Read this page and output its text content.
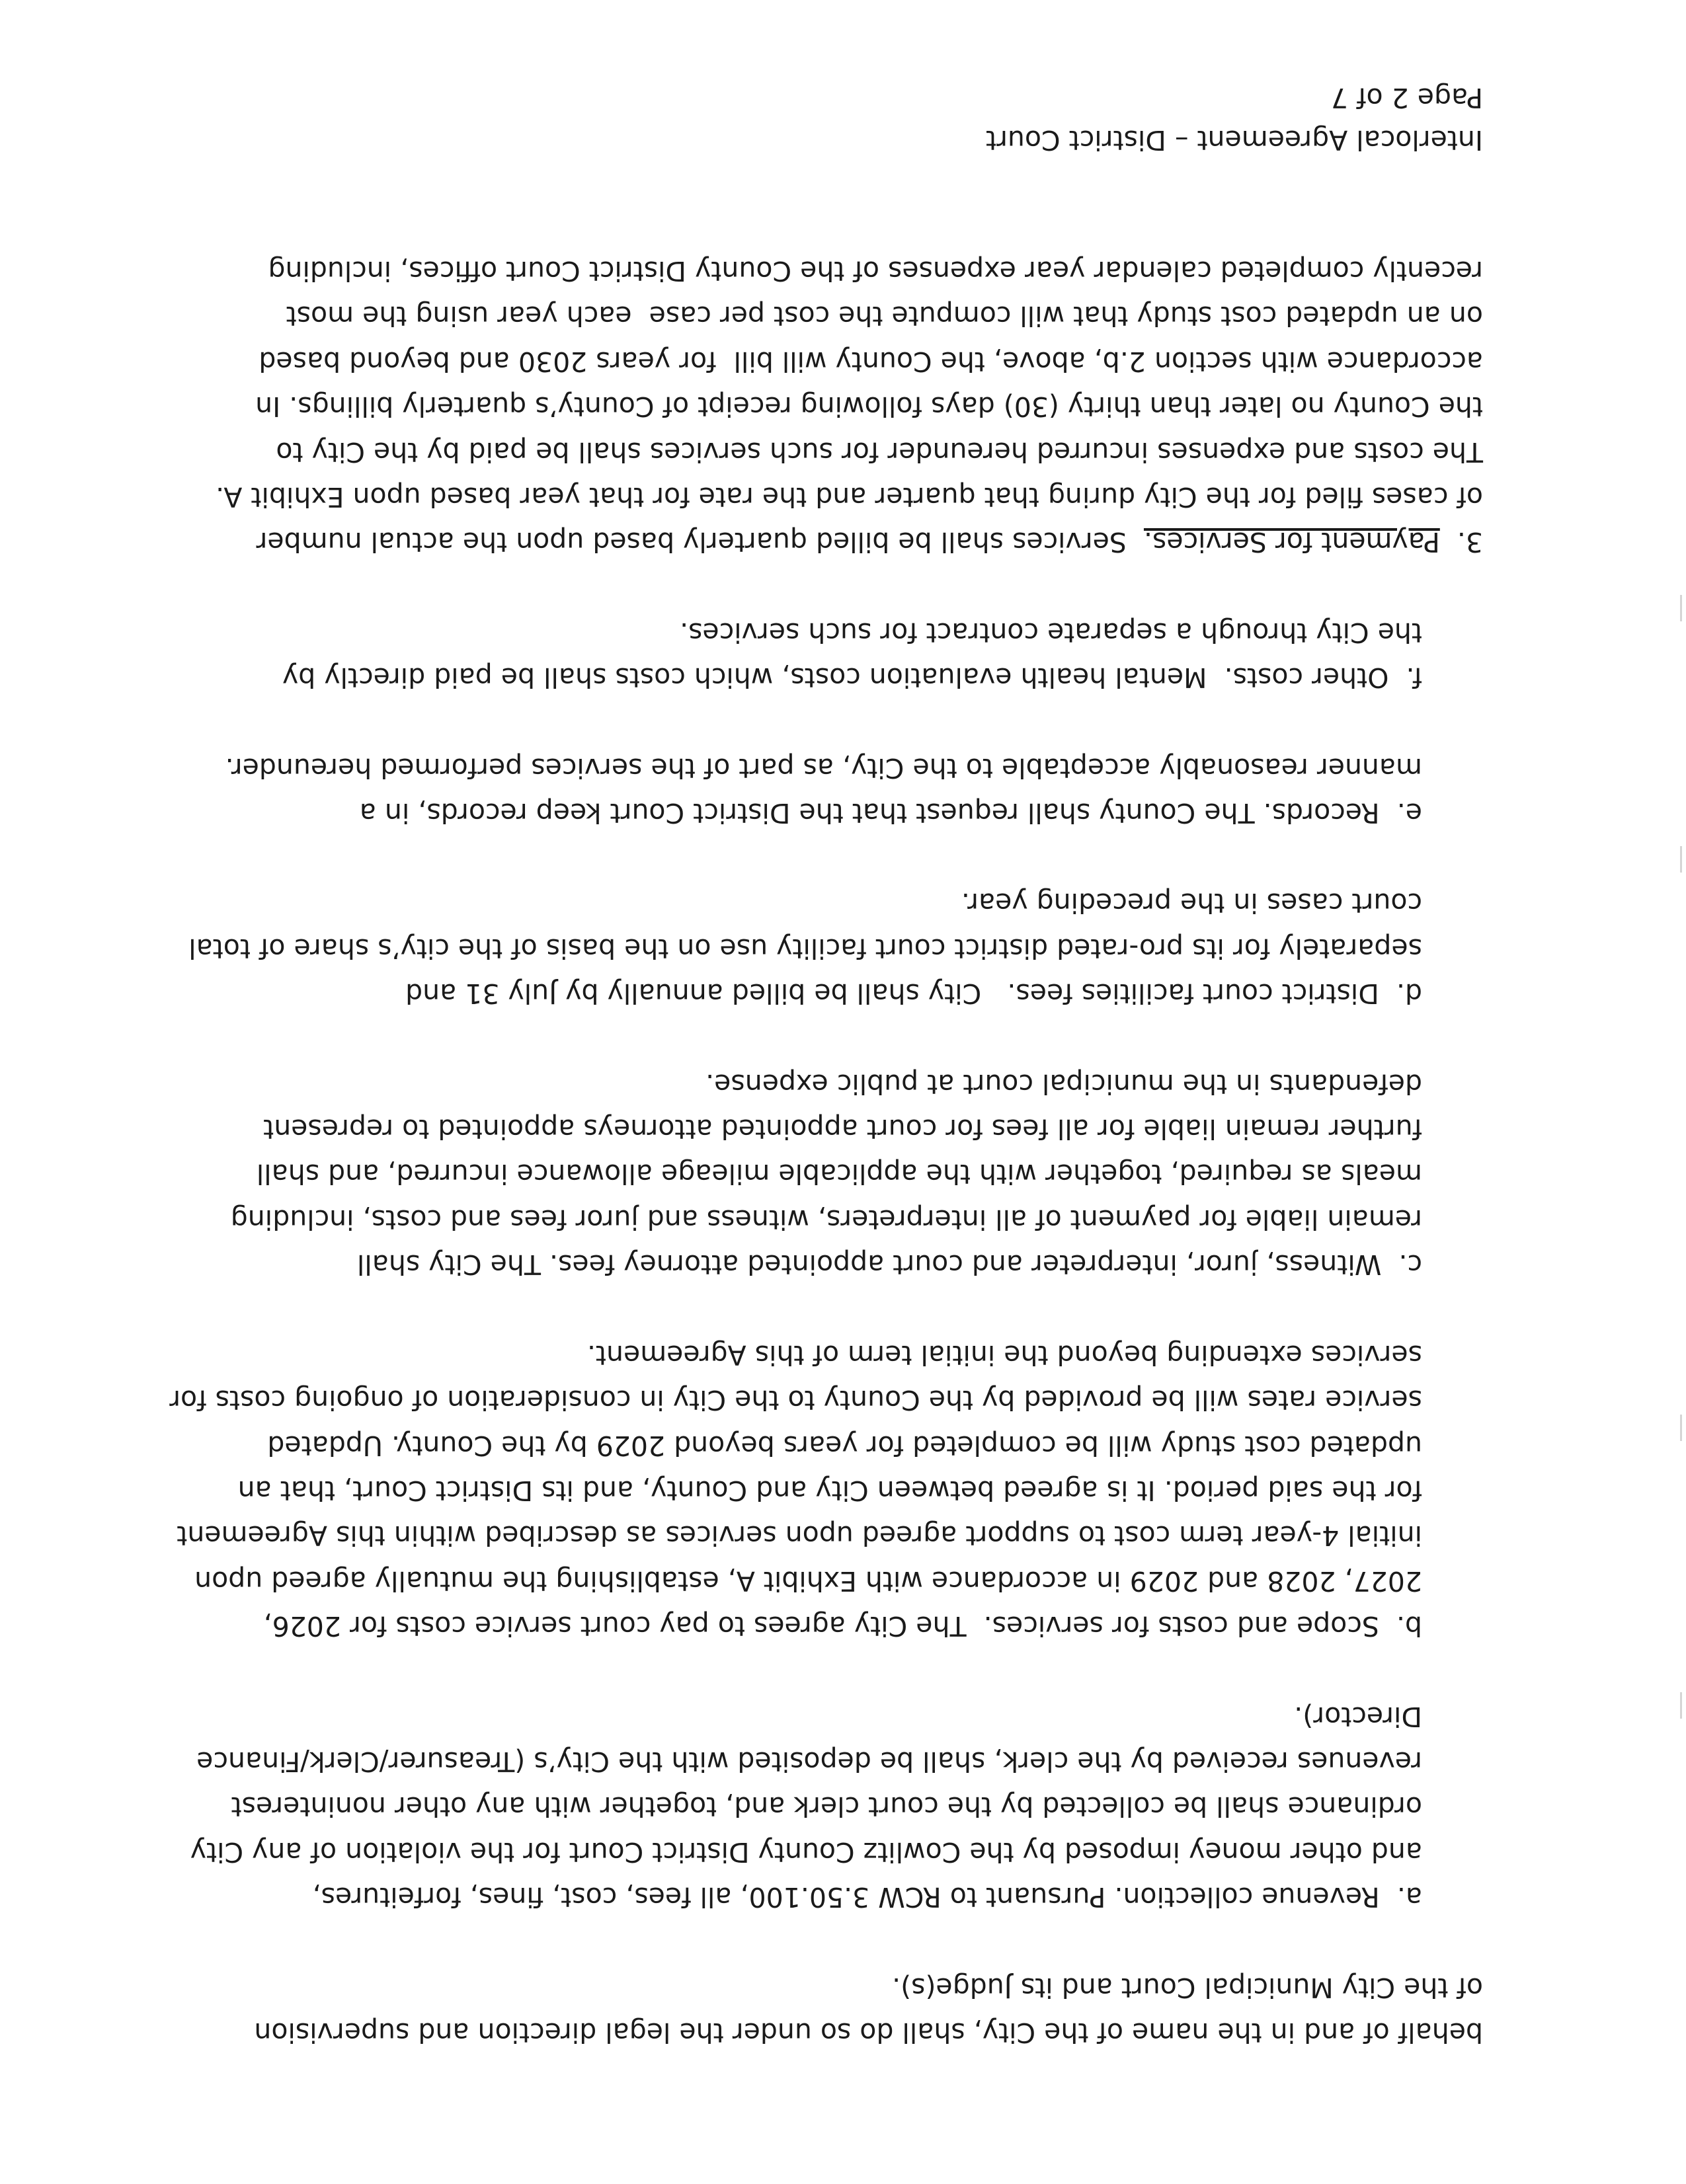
behalf of and in the name of the City, shall do so under the legal direction and supervision
of the City Municipal Court and its Judge(s).
a.  Revenue collection. Pursuant to RCW 3.50.100, all fees, cost, fines, forfeitures,
and other money imposed by the Cowlitz County District Court for the violation of any City
ordinance shall be collected by the court clerk and, together with any other noninterest
revenues received by the clerk, shall be deposited with the City’s (Treasurer/Clerk/Finance
Director).
b.  Scope and costs for services.  The City agrees to pay court service costs for 2026,
2027, 2028 and 2029 in accordance with Exhibit A, establishing the mutually agreed upon
initial 4-year term cost to support agreed upon services as described within this Agreement
for the said period. It is agreed between City and County, and its District Court, that an
updated cost study will be completed for years beyond 2029 by the County. Updated
service rates will be provided by the County to the City in consideration of ongoing costs for
services extending beyond the initial term of this Agreement.
c.  Witness, juror, interpreter and court appointed attorney fees. The City shall
remain liable for payment of all interpreters, witness and juror fees and costs, including
meals as required, together with the applicable mileage allowance incurred, and shall
further remain liable for all fees for court appointed attorneys appointed to represent
defendants in the municipal court at public expense.
d.  District court facilities fees.   City shall be billed annually by July 31 and
separately for its pro-rated district court facility use on the basis of the city’s share of total
court cases in the preceding year.
e.  Records. The County shall request that the District Court keep records, in a
manner reasonably acceptable to the City, as part of the services performed hereunder.
f.  Other costs.  Mental health evaluation costs, which costs shall be paid directly by
the City through a separate contract for such services.
3.  Payment for Services.  Services shall be billed quarterly based upon the actual number
of cases filed for the City during that quarter and the rate for that year based upon Exhibit A.
The costs and expenses incurred hereunder for such services shall be paid by the City to
the County no later than thirty (30) days following receipt of County’s quarterly billings. In
accordance with section 2.b, above, the County will bill  for years 2030 and beyond based
on an updated cost study that will compute the cost per case  each year using the most
recently completed calendar year expenses of the County District Court offices, including
Interlocal Agreement – District Court
Page 2 of 7
